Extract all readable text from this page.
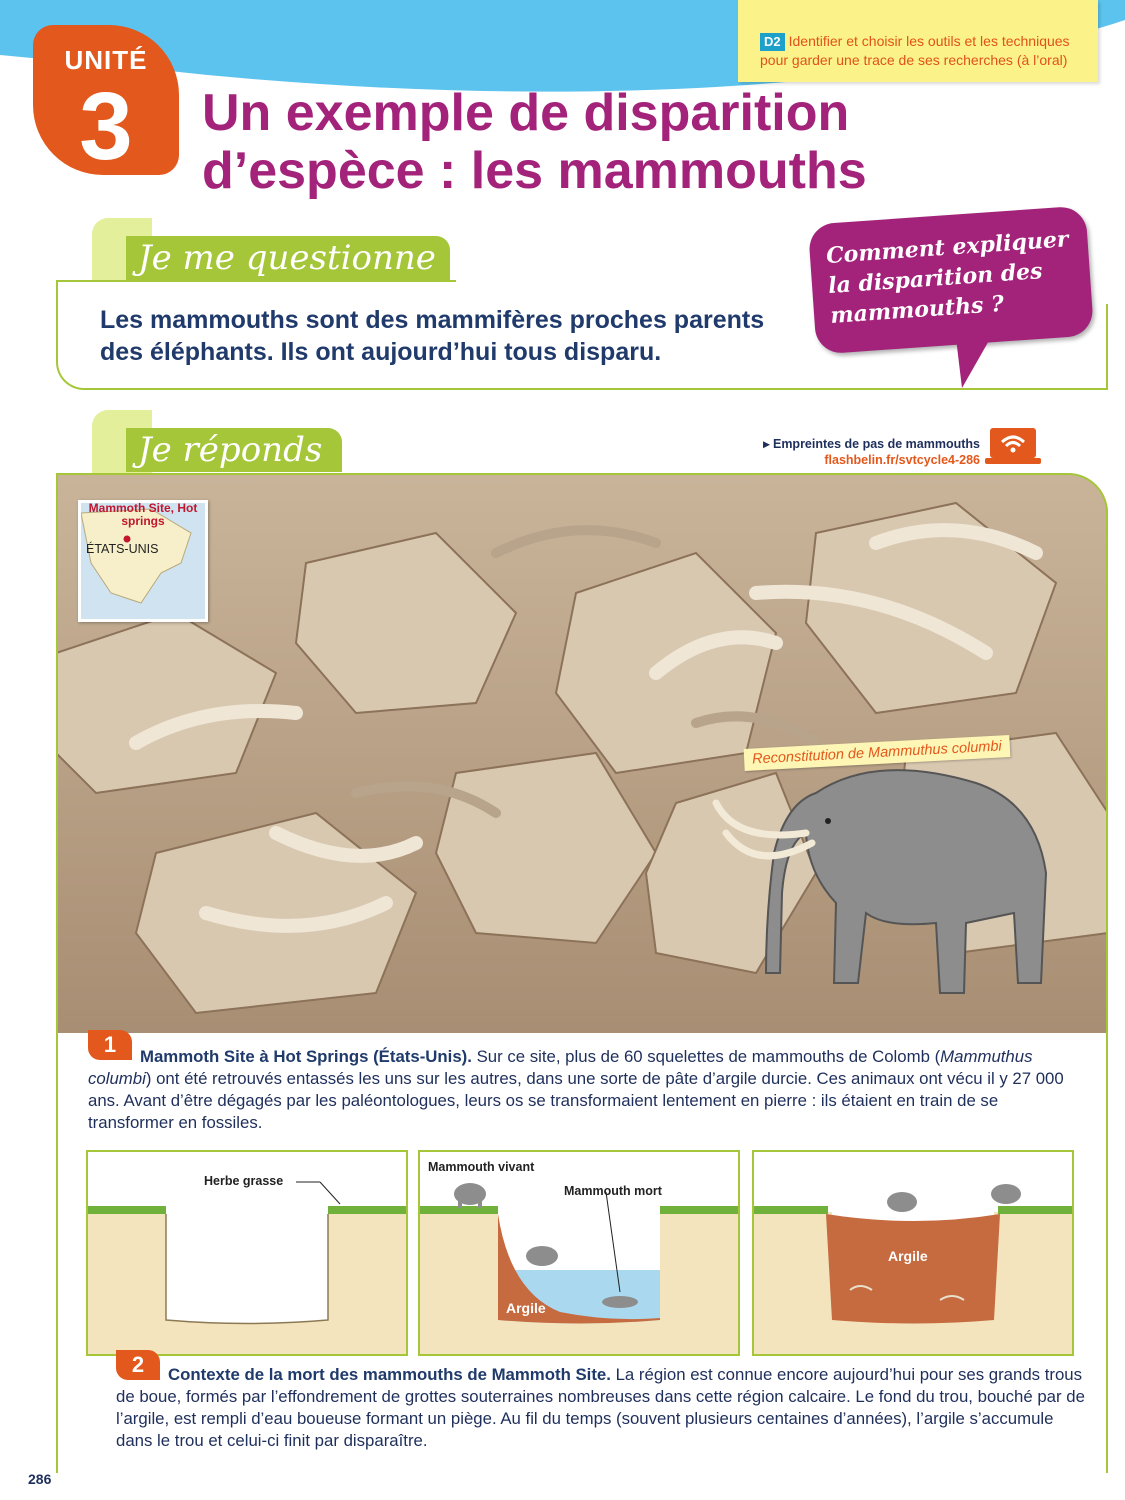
D2 Identifier et choisir les outils et les techniques pour garder une trace de ses recherches (à l’oral)
UNITÉ
3	Un exemple de disparition
d’espèce : les mammouths
Je me questionne
Les mammouths sont des mammifères proches parents des éléphants. Ils ont aujourd’hui tous disparu.
Comment expliquer la disparition des mammouths ?
Je réponds	▸ Empreintes de pas de mammouths
flashbelin.fr/svtcycle4-286
Mammoth Site, Hot springs
ÉTATS-UNIS
Reconstitution de Mammuthus columbi
1	Mammoth Site à Hot Springs (États-Unis). Sur ce site, plus de 60 squelettes de mammouths de Colomb (Mammuthus columbi) ont été retrouvés entassés les uns sur les autres, dans une sorte de pâte d’argile durcie. Ces animaux ont vécu il y 27 000 ans. Avant d’être dégagés par les paléontologues, leurs os se transformaient lentement en pierre : ils étaient en train de se transformer en fossiles.
Herbe grasse
Mammouth vivant
Mammouth mort
Argile
Argile
2	Contexte de la mort des mammouths de Mammoth Site. La région est connue encore aujourd’hui pour ses grands trous de boue, formés par l’effondrement de grottes souterraines nombreuses dans cette région calcaire. Le fond du trou, bouché par de l’argile, est rempli d’eau boueuse formant un piège. Au fil du temps (souvent plusieurs centaines d’années), l’argile s’accumule dans le trou et celui-ci finit par disparaître.
286
